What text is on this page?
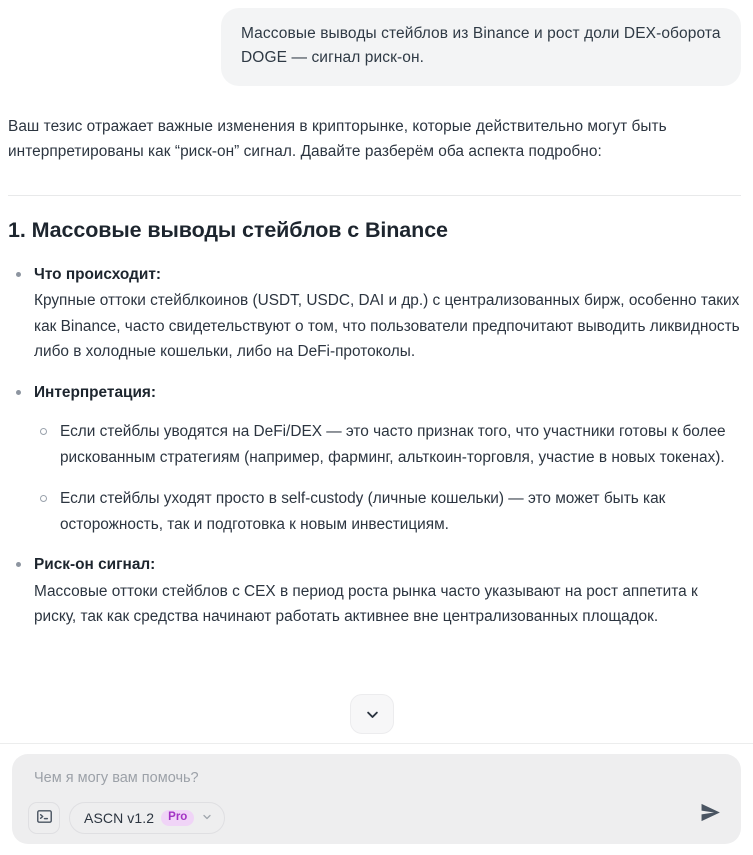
Массовые выводы стейблов из Binance и рост доли DEX-оборота DOGE — сигнал риск-он.

Ваш тезис отражает важные изменения в крипторынке, которые действительно могут быть интерпретированы как “риск-он” сигнал. Давайте разберём оба аспекта подробно:

1. Массовые выводы стейблов с Binance
Что происходит:
Крупные оттоки стейблкоинов (USDT, USDC, DAI и др.) с централизованных бирж, особенно таких как Binance, часто свидетельствуют о том, что пользователи предпочитают выводить ликвидность либо в холодные кошельки, либо на DeFi-протоколы.
Интерпретация:
Если стейблы уводятся на DeFi/DEX — это часто признак того, что участники готовы к более рискованным стратегиям (например, фарминг, альткоин-торговля, участие в новых токенах).
Если стейблы уходят просто в self-custody (личные кошельки) — это может быть как осторожность, так и подготовка к новым инвестициям.
Риск-он сигнал:
Массовые оттоки стейблов с CEX в период роста рынка часто указывают на рост аппетита к риску, так как средства начинают работать активнее вне централизованных площадок.
Чем я могу вам помочь?
ASCN v1.2	Pro
